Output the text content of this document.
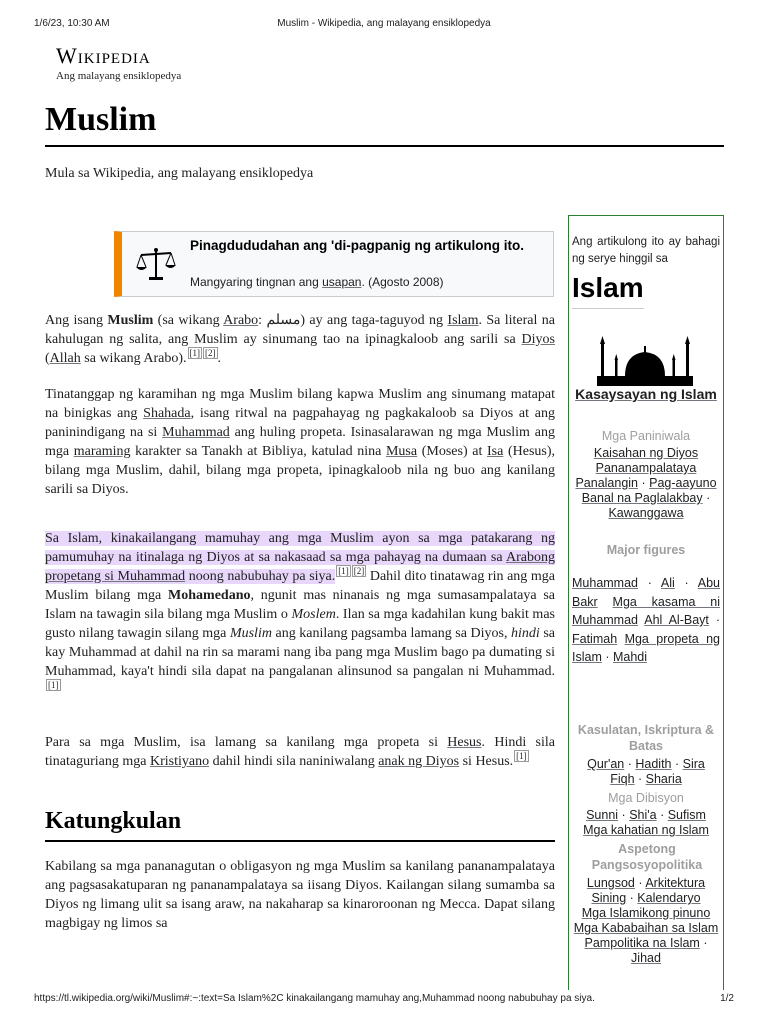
1/6/23, 10:30 AM	Muslim - Wikipedia, ang malayang ensiklopedya
Wikipedia
Ang malayang ensiklopedya
Muslim
Mula sa Wikipedia, ang malayang ensiklopedya
Pinagdududahan ang 'di-pagpanig ng artikulong ito.
Mangyaring tingnan ang usapan. (Agosto 2008)

Ang isang Muslim (sa wikang Arabo: مسلم) ay ang taga-taguyod ng Islam. Sa literal na kahulugan ng salita, ang Muslim ay sinumang tao na ipinagkaloob ang sarili sa Diyos (Allah sa wikang Arabo). [1] [2] .

Tinatanggap ng karamihan ng mga Muslim bilang kapwa Muslim ang sinumang matapat na binigkas ang Shahada, isang ritwal na pagpahayag ng pagkakaloob sa Diyos at ang paninindigang na si Muhammad ang huling propeta. Isinasalarawan ng mga Muslim ang mga maraming karakter sa Tanakh at Bibliya, katulad nina Musa (Moses) at Isa (Hesus), bilang mga Muslim, dahil, bilang mga propeta, ipinagkaloob nila ng buo ang kanilang sarili sa Diyos.

Sa Islam, kinakailangang mamuhay ang mga Muslim ayon sa mga patakarang ng pamumuhay na itinalaga ng Diyos at sa nakasaad sa mga pahayag na dumaan sa Arabong propetang si Muhammad noong nabubuhay pa siya. [1] [2] Dahil dito tinatawag rin ang mga Muslim bilang mga Mohamedano, ngunit mas ninanais ng mga sumasampalataya sa Islam na tawagin sila bilang mga Muslim o Moslem. Ilan sa mga kadahilan kung bakit mas gusto nilang tawagin silang mga Muslim ang kanilang pagsamba lamang sa Diyos, hindi sa kay Muhammad at dahil na rin sa marami nang iba pang mga Muslim bago pa dumating si Muhammad, kaya't hindi sila dapat na pangalanan alinsunod sa pangalan ni Muhammad.[1]

Para sa mga Muslim, isa lamang sa kanilang mga propeta si Hesus. Hindi sila tinataguriang mga Kristiyano dahil hindi sila naniniwalang anak ng Diyos si Hesus. [1]

Katungkulan

Kabilang sa mga pananagutan o obligasyon ng mga Muslim sa kanilang pananampalataya ang pagsasakatuparan ng pananampalataya sa iisang Diyos. Kailangan silang sumamba sa Diyos ng limang ulit sa isang araw, na nakaharap sa kinaroroonan ng Mecca. Dapat silang magbigay ng limos sa

Ang artikulong ito ay bahagi ng serye hinggil sa
Islam
Kasaysayan ng Islam
Mga Paniniwala
Kaisahan ng Diyos
Pananampalataya
Panalangin · Pag-aayuno
Banal na Paglalakbay · Kawanggawa
Major figures
Muhammad · Ali · Abu Bakr Mga kasama ni Muhammad Ahl Al-Bayt · Fatimah Mga propeta ng Islam · Mahdi
Kasulatan, Iskriptura & Batas
Qur'an · Hadith · Sira
Fiqh · Sharia
Mga Dibisyon
Sunni · Shi'a · Sufism
Mga kahatian ng Islam
Aspetong Pangsosyopolitika
Lungsod · Arkitektura
Sining · Kalendaryo
Mga Islamikong pinuno
Mga Kababaihan sa Islam
Pampolitika na Islam · Jihad
https://tl.wikipedia.org/wiki/Muslim#:~:text=Sa Islam%2C kinakailangang mamuhay ang,Muhammad noong nabubuhay pa siya.	1/2
